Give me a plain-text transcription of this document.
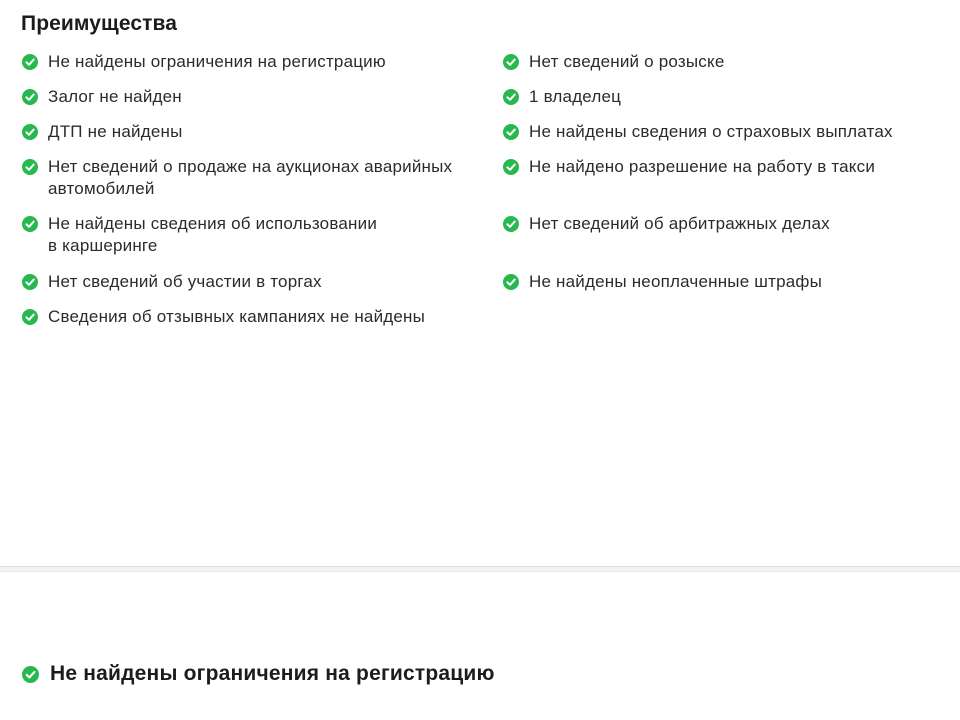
Преимущества
Не найдены ограничения на регистрацию
Залог не найден
ДТП не найдены
Нет сведений о продаже на аукционах аварийных
автомобилей
Не найдены сведения об использовании
в каршеринге
Нет сведений об участии в торгах
Сведения об отзывных кампаниях не найдены
Нет сведений о розыске
1 владелец
Не найдены сведения о страховых выплатах
Не найдено разрешение на работу в такси
Нет сведений об арбитражных делах
Не найдены неоплаченные штрафы
Не найдены ограничения на регистрацию
